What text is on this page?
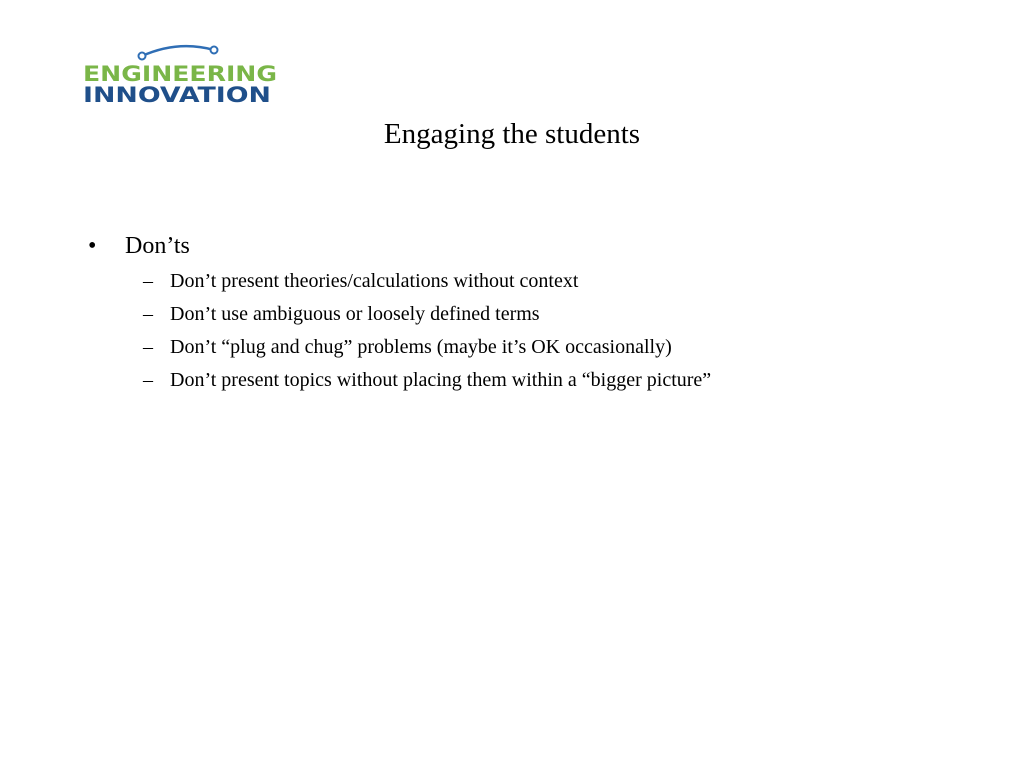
ENGINEERING
INNOVATION
Engaging the students
• Don’ts
– Don’t present theories/calculations without context
– Don’t use ambiguous or loosely defined terms
– Don’t “plug and chug” problems (maybe it’s OK occasionally)
– Don’t present topics without placing them within a “bigger picture”
